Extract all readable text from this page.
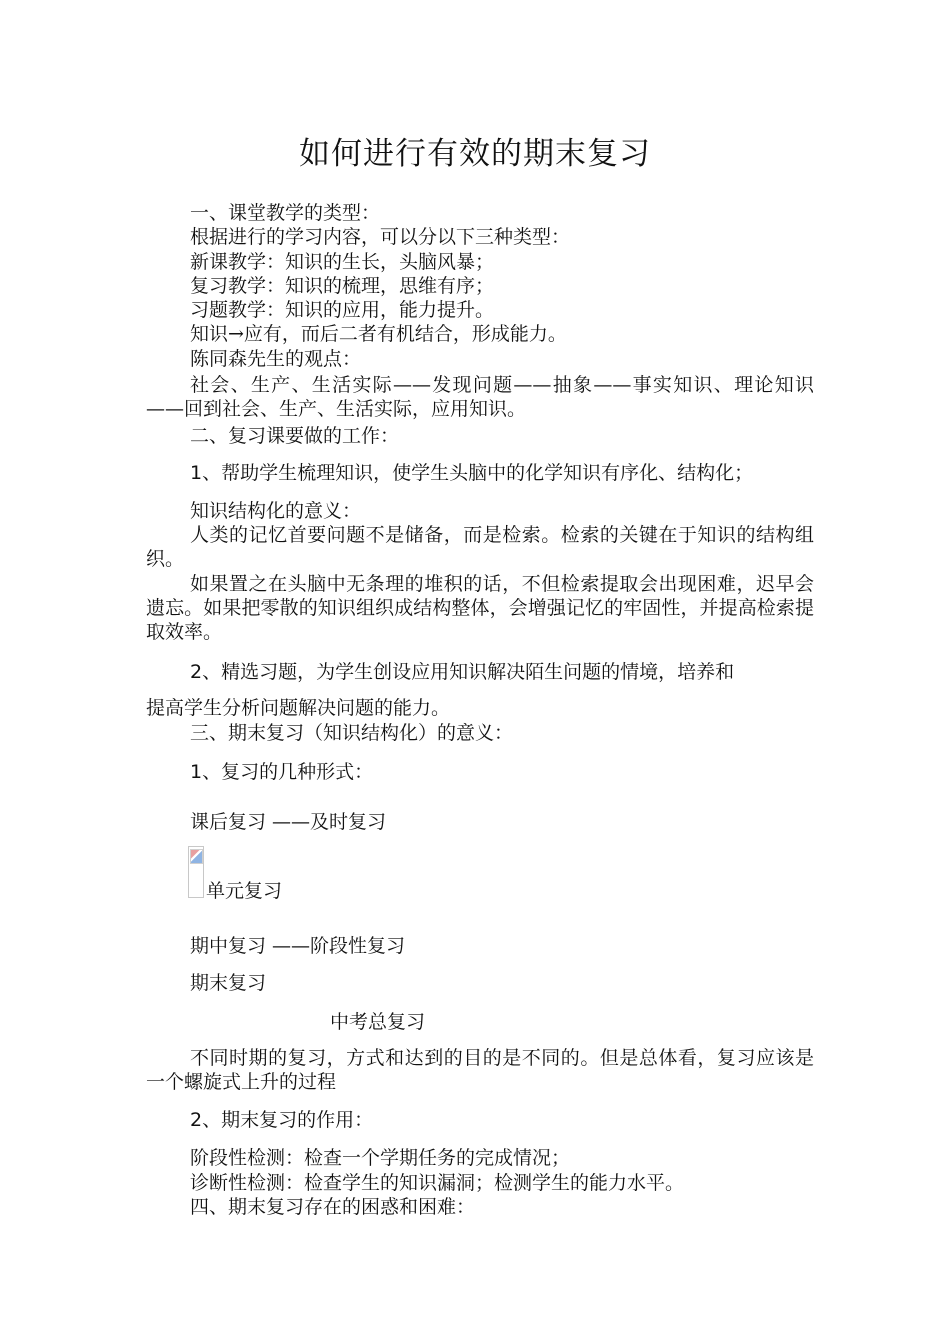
如何进行有效的期末复习
一、课堂教学的类型：
根据进行的学习内容，可以分以下三种类型：
新课教学：知识的生长，头脑风暴；
复习教学：知识的梳理，思维有序；
习题教学：知识的应用，能力提升。
知识→应有，而后二者有机结合，形成能力。
陈同森先生的观点：

社会、生产、生活实际——发现问题——抽象——事实知识、理论知识——回到社会、生产、生活实际，应用知识。

二、复习课要做的工作：
1、帮助学生梳理知识，使学生头脑中的化学知识有序化、结构化；
知识结构化的意义：

人类的记忆首要问题不是储备，而是检索。检索的关键在于知识的结构组织。

如果置之在头脑中无条理的堆积的话，不但检索提取会出现困难，迟早会遗忘。如果把零散的知识组织成结构整体，会增强记忆的牢固性，并提高检索提取效率。

2、精选习题，为学生创设应用知识解决陌生问题的情境，培养和
提高学生分析问题解决问题的能力。
三、期末复习（知识结构化）的意义：
1、复习的几种形式：
课后复习 ——及时复习
单元复习
期中复习 ——阶段性复习
期末复习
中考总复习

不同时期的复习，方式和达到的目的是不同的。但是总体看，复习应该是一个螺旋式上升的过程

2、期末复习的作用：
阶段性检测：检查一个学期任务的完成情况；
诊断性检测：检查学生的知识漏洞；检测学生的能力水平。
四、期末复习存在的困惑和困难：
